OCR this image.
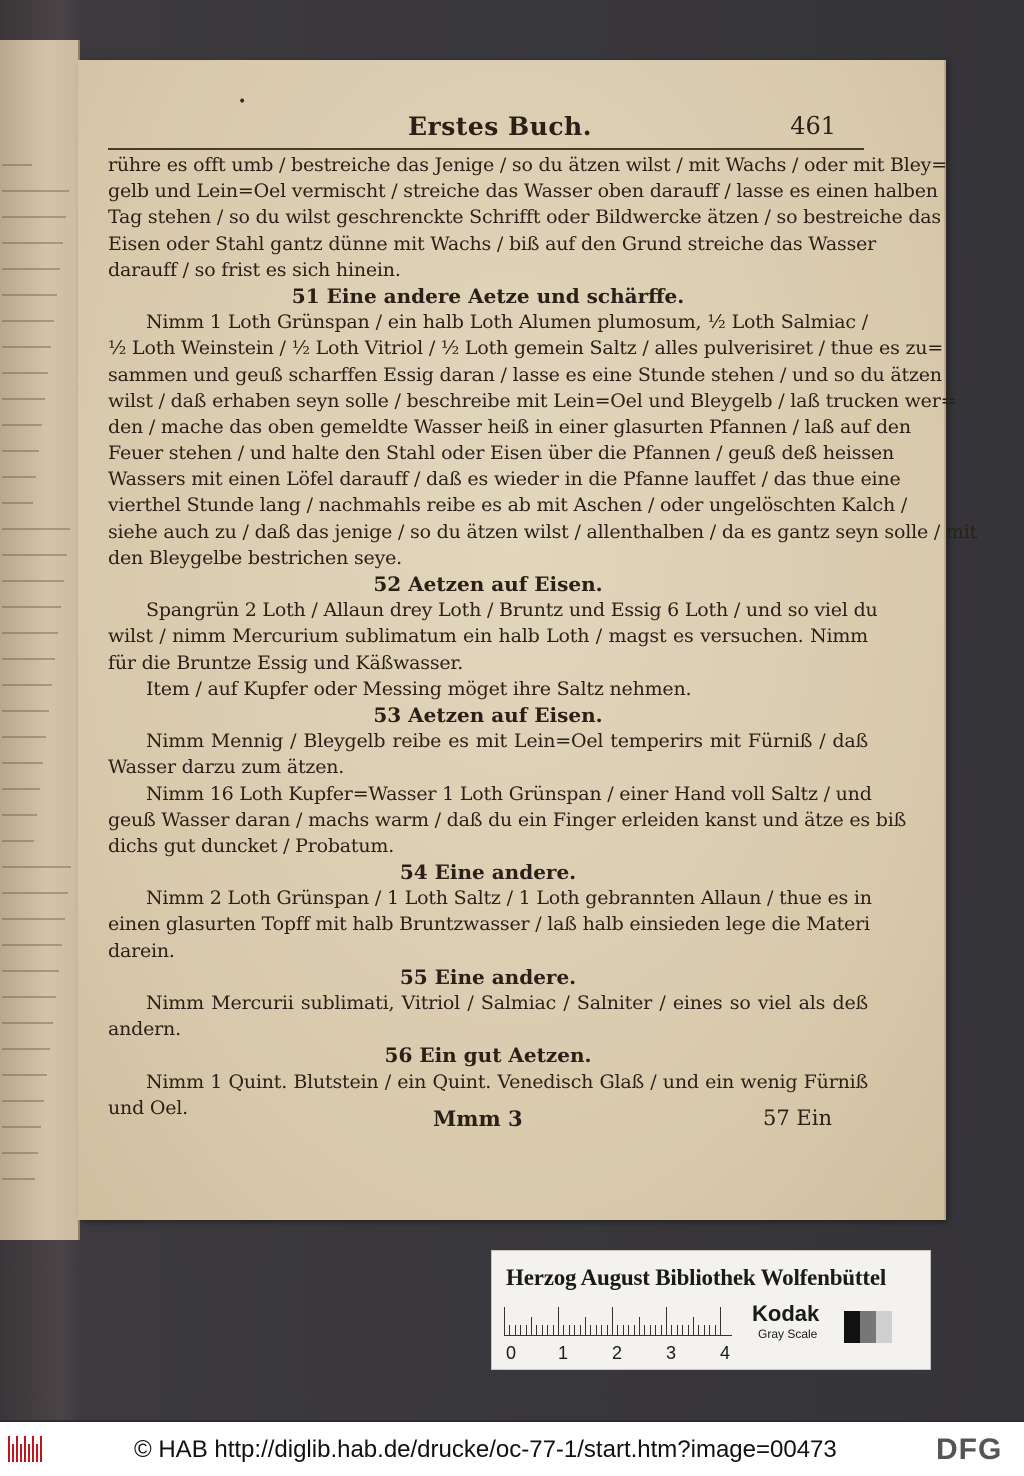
•
Erstes Buch.	461
rühre es offt umb / bestreiche das Jenige / so du ätzen wilst / mit Wachs / oder mit Bley=
gelb und Lein=Oel vermischt / streiche das Wasser oben darauff / lasse es einen halben
Tag stehen / so du wilst geschrenckte Schrifft oder Bildwercke ätzen / so bestreiche das
Eisen oder Stahl gantz dünne mit Wachs / biß auf den Grund streiche das Wasser
darauff / so frist es sich hinein.
51 Eine andere Aetze und schärffe.
Nimm 1 Loth Grünspan / ein halb Loth Alumen plumosum, ½ Loth Salmiac /
½ Loth Weinstein / ½ Loth Vitriol / ½ Loth gemein Saltz / alles pulverisiret / thue es zu=
sammen und geuß scharffen Essig daran / lasse es eine Stunde stehen / und so du ätzen
wilst / daß erhaben seyn solle / beschreibe mit Lein=Oel und Bleygelb / laß trucken wer=
den / mache das oben gemeldte Wasser heiß in einer glasurten Pfannen / laß auf den
Feuer stehen / und halte den Stahl oder Eisen über die Pfannen / geuß deß heissen
Wassers mit einen Löfel darauff / daß es wieder in die Pfanne lauffet / das thue eine
vierthel Stunde lang / nachmahls reibe es ab mit Aschen / oder ungelöschten Kalch /
siehe auch zu / daß das jenige / so du ätzen wilst / allenthalben / da es gantz seyn solle / mit
den Bleygelbe bestrichen seye.
52 Aetzen auf Eisen.
Spangrün 2 Loth / Allaun drey Loth / Bruntz und Essig 6 Loth / und so viel du
wilst / nimm Mercurium sublimatum ein halb Loth / magst es versuchen. Nimm
für die Bruntze Essig und Käßwasser.
Item / auf Kupfer oder Messing möget ihre Saltz nehmen.
53 Aetzen auf Eisen.
Nimm Mennig / Bleygelb reibe es mit Lein=Oel temperirs mit Fürniß / daß
Wasser darzu zum ätzen.
Nimm 16 Loth Kupfer=Wasser 1 Loth Grünspan / einer Hand voll Saltz / und
geuß Wasser daran / machs warm / daß du ein Finger erleiden kanst und ätze es biß
dichs gut duncket / Probatum.
54 Eine andere.
Nimm 2 Loth Grünspan / 1 Loth Saltz / 1 Loth gebrannten Allaun / thue es in
einen glasurten Topff mit halb Bruntzwasser / laß halb einsieden lege die Materi
darein.
55 Eine andere.
Nimm Mercurii sublimati, Vitriol / Salmiac / Salniter / eines so viel als deß
andern.
56 Ein gut Aetzen.
Nimm 1 Quint. Blutstein / ein Quint. Venedisch Glaß / und ein wenig Fürniß
und Oel.	Mmm 3	57 Ein
Herzog August Bibliothek Wolfenbüttel
0 1 2 3 4
Kodak
Gray Scale
© HAB http://diglib.hab.de/drucke/oc-77-1/start.htm?image=00473	DFG
